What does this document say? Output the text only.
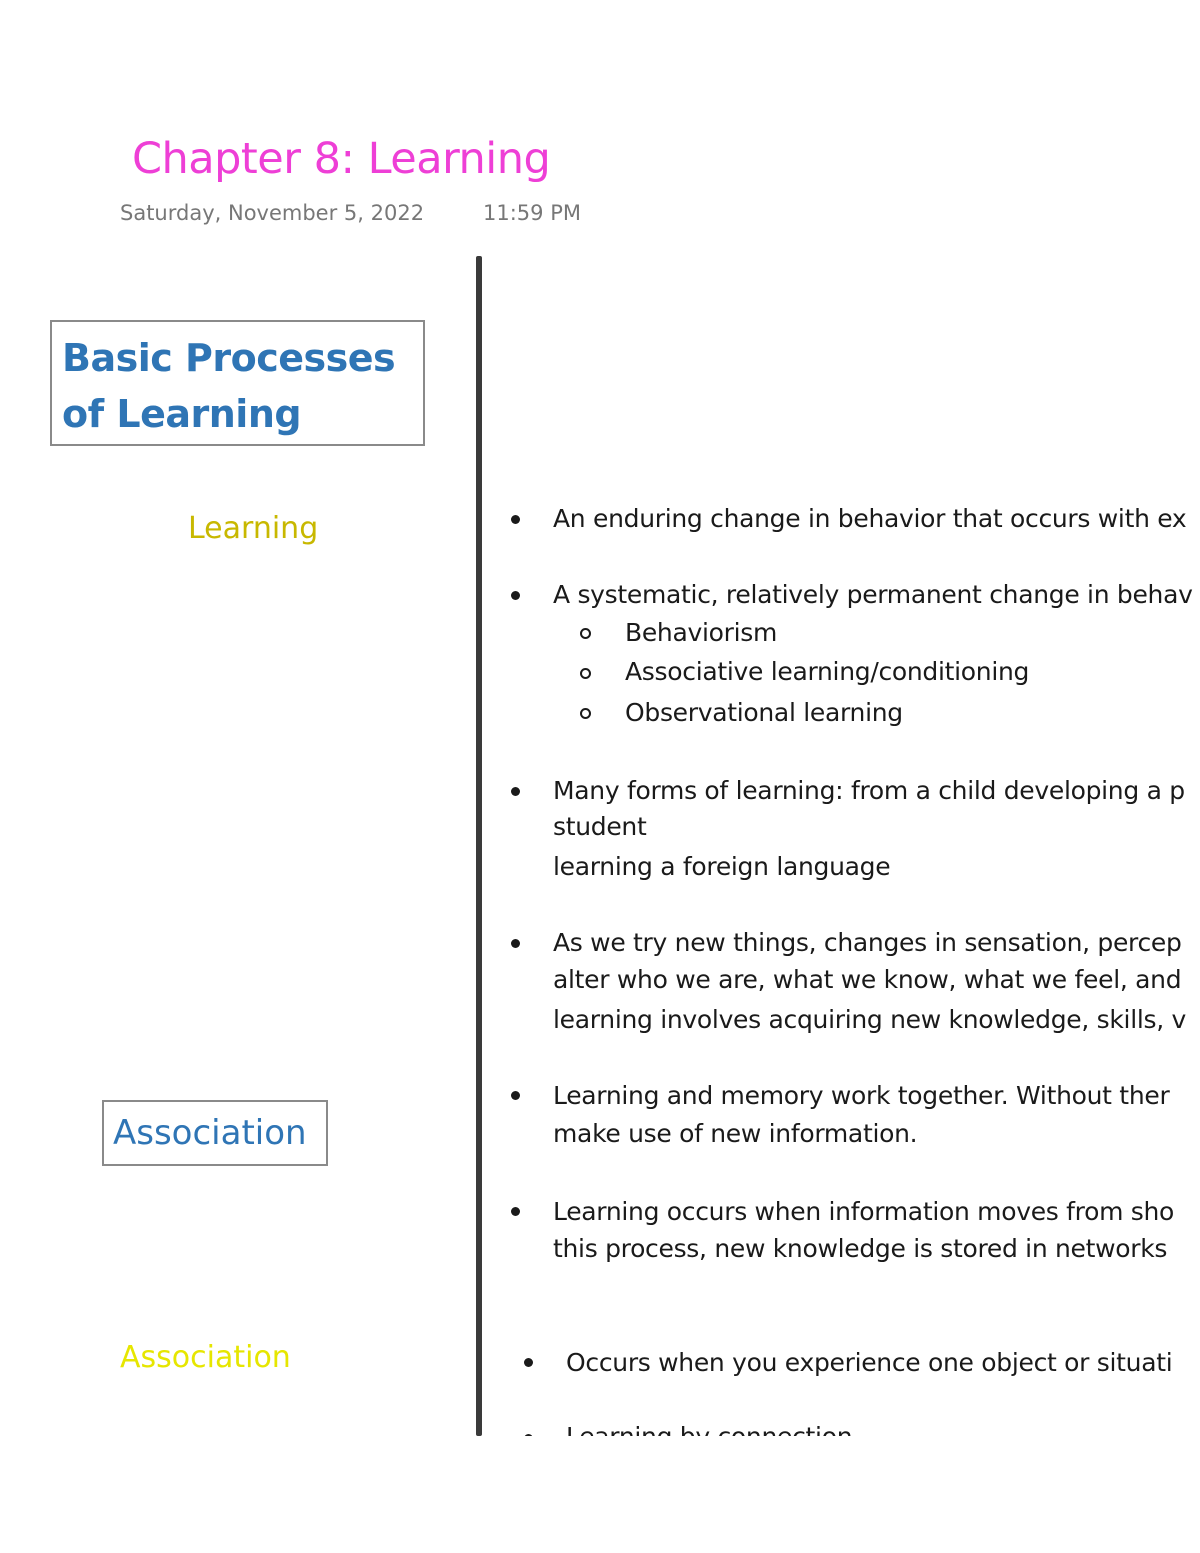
Chapter 8: Learning
Saturday, November 5, 2022	11:59 PM
Basic Processes of Learning
Learning
Association
Association
An enduring change in behavior that occurs with ex
A systematic, relatively permanent change in behav
Behaviorism
Associative learning/conditioning
Observational learning
Many forms of learning: from a child developing a p
student
learning a foreign language
As we try new things, changes in sensation, percep
alter who we are, what we know, what we feel, and
learning involves acquiring new knowledge, skills, v
Learning and memory work together. Without ther
make use of new information.
Learning occurs when information moves from sho
this process, new knowledge is stored in networks
Occurs when you experience one object or situati
